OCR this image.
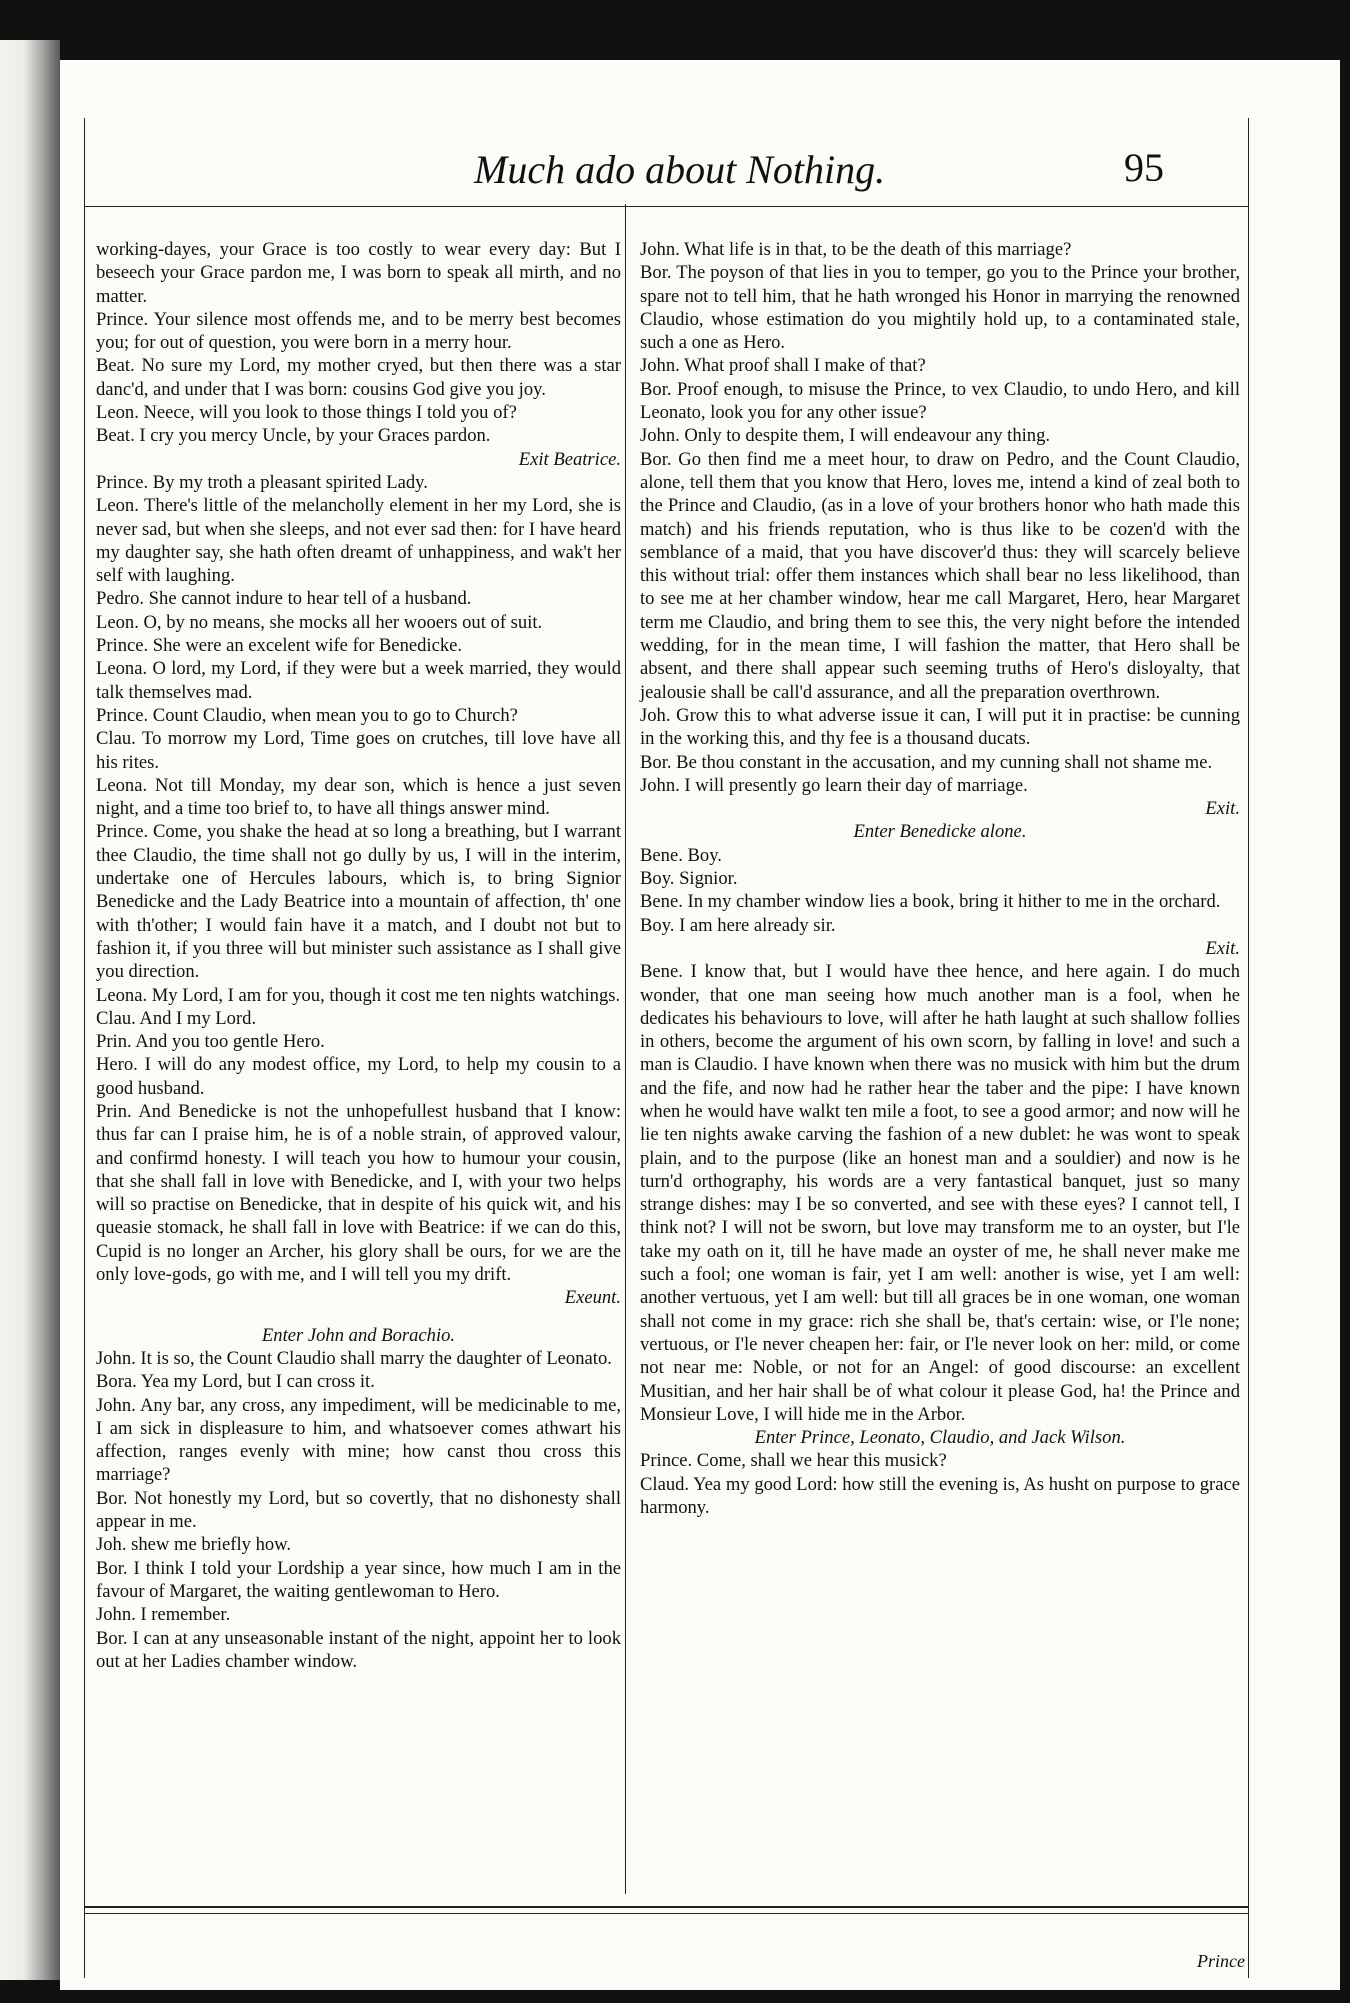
Much ado about Nothing.	95

working-dayes, your Grace is too costly to wear every day: But I beseech your Grace pardon me, I was born to speak all mirth, and no matter.

Prince. Your silence most offends me, and to be merry best becomes you; for out of question, you were born in a merry hour.

Beat. No sure my Lord, my mother cryed, but then there was a star danc'd, and under that I was born: cousins God give you joy.

Leon. Neece, will you look to those things I told you of?

Beat. I cry you mercy Uncle, by your Graces pardon.

Exit Beatrice.

Prince. By my troth a pleasant spirited Lady.

Leon. There's little of the melancholly element in her my Lord, she is never sad, but when she sleeps, and not ever sad then: for I have heard my daughter say, she hath often dreamt of unhappiness, and wak't her self with laughing.

Pedro. She cannot indure to hear tell of a husband.

Leon. O, by no means, she mocks all her wooers out of suit.

Prince. She were an excelent wife for Benedicke.

Leona. O lord, my Lord, if they were but a week married, they would talk themselves mad.

Prince. Count Claudio, when mean you to go to Church?

Clau. To morrow my Lord, Time goes on crutches, till love have all his rites.

Leona. Not till Monday, my dear son, which is hence a just seven night, and a time too brief to, to have all things answer mind.

Prince. Come, you shake the head at so long a breathing, but I warrant thee Claudio, the time shall not go dully by us, I will in the interim, undertake one of Hercules labours, which is, to bring Signior Benedicke and the Lady Beatrice into a mountain of affection, th' one with th'other; I would fain have it a match, and I doubt not but to fashion it, if you three will but minister such assistance as I shall give you direction.

Leona. My Lord, I am for you, though it cost me ten nights watchings.

Clau. And I my Lord.

Prin. And you too gentle Hero.

Hero. I will do any modest office, my Lord, to help my cousin to a good husband.

Prin. And Benedicke is not the unhopefullest husband that I know: thus far can I praise him, he is of a noble strain, of approved valour, and confirmd honesty. I will teach you how to humour your cousin, that she shall fall in love with Benedicke, and I, with your two helps will so practise on Benedicke, that in despite of his quick wit, and his queasie stomack, he shall fall in love with Beatrice: if we can do this, Cupid is no longer an Archer, his glory shall be ours, for we are the only love-gods, go with me, and I will tell you my drift.

Exeunt.

Enter John and Borachio.

John. It is so, the Count Claudio shall marry the daughter of Leonato.

Bora. Yea my Lord, but I can cross it.

John. Any bar, any cross, any impediment, will be medicinable to me, I am sick in displeasure to him, and whatsoever comes athwart his affection, ranges evenly with mine; how canst thou cross this marriage?

Bor. Not honestly my Lord, but so covertly, that no dishonesty shall appear in me.

Joh. shew me briefly how.

Bor. I think I told your Lordship a year since, how much I am in the favour of Margaret, the waiting gentlewoman to Hero.

John. I remember.

Bor. I can at any unseasonable instant of the night, appoint her to look out at her Ladies chamber window.

John. What life is in that, to be the death of this marriage?

Bor. The poyson of that lies in you to temper, go you to the Prince your brother, spare not to tell him, that he hath wronged his Honor in marrying the renowned Claudio, whose estimation do you mightily hold up, to a contaminated stale, such a one as Hero.

John. What proof shall I make of that?

Bor. Proof enough, to misuse the Prince, to vex Claudio, to undo Hero, and kill Leonato, look you for any other issue?

John. Only to despite them, I will endeavour any thing.

Bor. Go then find me a meet hour, to draw on Pedro, and the Count Claudio, alone, tell them that you know that Hero, loves me, intend a kind of zeal both to the Prince and Claudio, (as in a love of your brothers honor who hath made this match) and his friends reputation, who is thus like to be cozen'd with the semblance of a maid, that you have discover'd thus: they will scarcely believe this without trial: offer them instances which shall bear no less likelihood, than to see me at her chamber window, hear me call Margaret, Hero, hear Margaret term me Claudio, and bring them to see this, the very night before the intended wedding, for in the mean time, I will fashion the matter, that Hero shall be absent, and there shall appear such seeming truths of Hero's disloyalty, that jealousie shall be call'd assurance, and all the preparation overthrown.

Joh. Grow this to what adverse issue it can, I will put it in practise: be cunning in the working this, and thy fee is a thousand ducats.

Bor. Be thou constant in the accusation, and my cunning shall not shame me.

John. I will presently go learn their day of marriage.

Exit.

Enter Benedicke alone.

Bene. Boy.

Boy. Signior.

Bene. In my chamber window lies a book, bring it hither to me in the orchard.

Boy. I am here already sir.

Exit.

Bene. I know that, but I would have thee hence, and here again. I do much wonder, that one man seeing how much another man is a fool, when he dedicates his behaviours to love, will after he hath laught at such shallow follies in others, become the argument of his own scorn, by falling in love! and such a man is Claudio. I have known when there was no musick with him but the drum and the fife, and now had he rather hear the taber and the pipe: I have known when he would have walkt ten mile a foot, to see a good armor; and now will he lie ten nights awake carving the fashion of a new dublet: he was wont to speak plain, and to the purpose (like an honest man and a souldier) and now is he turn'd orthography, his words are a very fantastical banquet, just so many strange dishes: may I be so converted, and see with these eyes? I cannot tell, I think not? I will not be sworn, but love may transform me to an oyster, but I'le take my oath on it, till he have made an oyster of me, he shall never make me such a fool; one woman is fair, yet I am well: another is wise, yet I am well: another vertuous, yet I am well: but till all graces be in one woman, one woman shall not come in my grace: rich she shall be, that's certain: wise, or I'le none; vertuous, or I'le never cheapen her: fair, or I'le never look on her: mild, or come not near me: Noble, or not for an Angel: of good discourse: an excellent Musitian, and her hair shall be of what colour it please God, ha! the Prince and Monsieur Love, I will hide me in the Arbor.

Enter Prince, Leonato, Claudio, and Jack Wilson.

Prince. Come, shall we hear this musick?

Claud. Yea my good Lord: how still the evening is, As husht on purpose to grace harmony.

Prince
